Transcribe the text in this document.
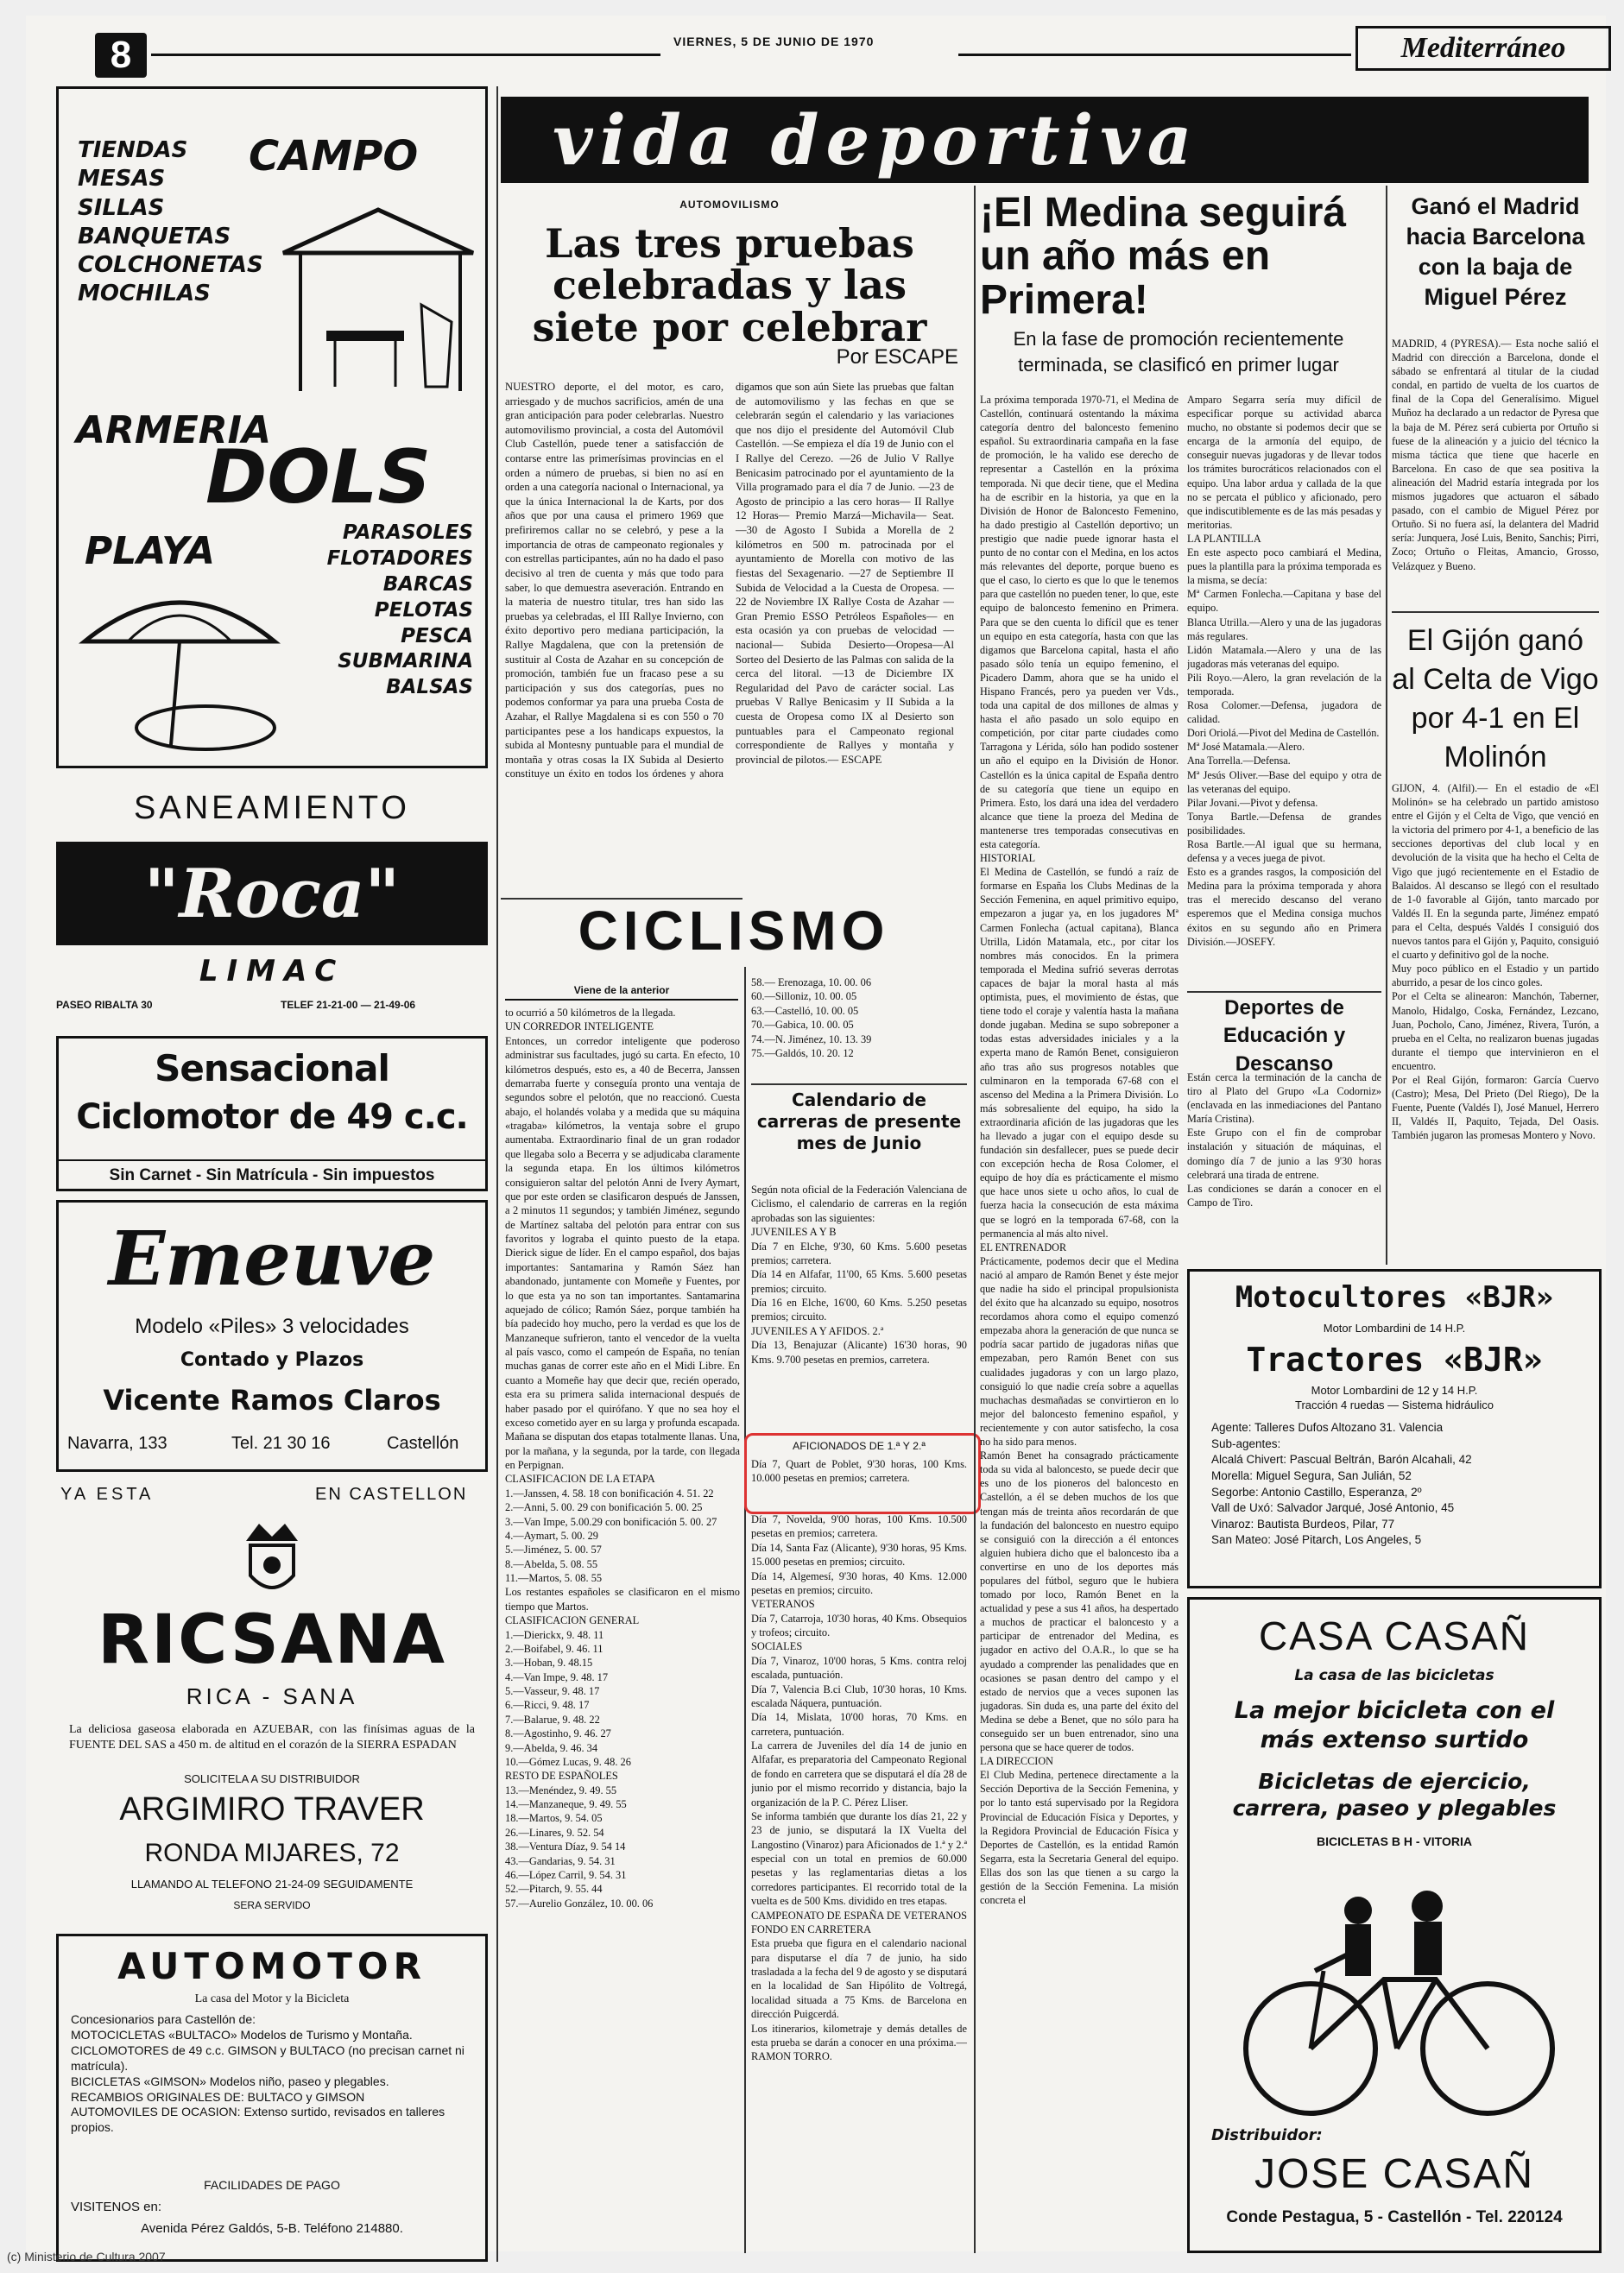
8	VIERNES, 5 DE JUNIO DE 1970	Mediterráneo
TIENDAS
MESAS
SILLAS
BANQUETAS
COLCHONETAS
MOCHILAS
CAMPO
ARMERIA
DOLS
PLAYA	PARASOLES
FLOTADORES
BARCAS
PELOTAS
PESCA SUBMARINA
BALSAS
SANEAMIENTO
"Roca"
LIMAC
PASEO RIBALTA 30	TELEF 21-21-00 — 21-49-06
Sensacional
Ciclomotor de 49 c.c.
Sin Carnet - Sin Matrícula - Sin impuestos
Emeuve
Modelo «Piles» 3 velocidades
Contado y Plazos
Vicente Ramos Claros
Navarra, 133	Tel. 21 30 16	Castellón
YA ESTA	EN CASTELLON
RICSANA
RICA - SANA
La deliciosa gaseosa elaborada en AZUEBAR, con las finísimas aguas de la FUENTE DEL SAS a 450 m. de altitud en el corazón de la SIERRA ESPADAN
SOLICITELA A SU DISTRIBUIDOR
ARGIMIRO TRAVER
RONDA MIJARES, 72
LLAMANDO AL TELEFONO 21-24-09 SEGUIDAMENTE
SERA SERVIDO
AUTOMOTOR
La casa del Motor y la Bicicleta
Concesionarios para Castellón de:
MOTOCICLETAS «BULTACO» Modelos de Turismo y Montaña.
CICLOMOTORES de 49 c.c. GIMSON y BULTACO (no precisan carnet ni matrícula).
BICICLETAS «GIMSON» Modelos niño, paseo y plegables.
RECAMBIOS ORIGINALES DE: BULTACO y GIMSON
AUTOMOVILES DE OCASION: Extenso surtido, revisados en talleres propios.
FACILIDADES DE PAGO
VISITENOS en:
Avenida Pérez Galdós, 5-B. Teléfono 214880.
vida deportiva
AUTOMOVILISMO
Las tres pruebas celebradas y las siete por celebrar
Por ESCAPE
NUESTRO deporte, el del motor, es caro, arriesgado y de muchos sacrificios, amén de una gran anticipación para poder celebrarlas. Nuestro automovilismo provincial, a costa del Automóvil Club Castellón, puede tener a satisfacción de contarse entre las primerísimas provincias en el orden a número de pruebas, si bien no así en orden a una categoría nacional o Internacional, ya que la única Internacional la de Karts, por dos años que por una causa el primero 1969 que prefiriremos callar no se celebró, y pese a la importancia de otras de campeonato regionales y con estrellas participantes, aún no ha dado el paso decisivo al tren de cuenta y más que todo para saber, lo que demuestra aseveración. Entrando en la materia de nuestro titular, tres han sido las pruebas ya celebradas, el III Rallye Invierno, con éxito deportivo pero mediana participación, la Rallye Magdalena, que con la pretensión de sustituir al Costa de Azahar en su concepción de promoción, también fue un fracaso pese a su participación y sus dos categorías, pues no podemos conformar ya para una prueba Costa de Azahar, el Rallye Magdalena si es con 550 o 70 participantes pese a los handicaps expuestos, la subida al Montesny puntuable para el mundial de montaña y otras cosas la IX Subida al Desierto constituye un éxito en todos los órdenes y ahora digamos que son aún Siete las pruebas que faltan de automovilismo y las fechas en que se celebrarán según el calendario y las variaciones que nos dijo el presidente del Automóvil Club Castellón. —Se empieza el día 19 de Junio con el I Rallye del Cerezo. —26 de Julio V Rallye Benicasim patrocinado por el ayuntamiento de la Villa programado para el día 7 de Junio. —23 de Agosto de principio a las cero horas— II Rallye 12 Horas— Premio Marzá—Michavila— Seat. —30 de Agosto I Subida a Morella de 2 kilómetros en 500 m. patrocinada por el ayuntamiento de Morella con motivo de las fiestas del Sexagenario. —27 de Septiembre II Subida de Velocidad a la Cuesta de Oropesa. —22 de Noviembre IX Rallye Costa de Azahar —Gran Premio ESSO Petróleos Españoles— en esta ocasión ya con pruebas de velocidad —nacional— Subida Desierto—Oropesa—Al Sorteo del Desierto de las Palmas con salida de la cerca del litoral. —13 de Diciembre IX Regularidad del Pavo de carácter social. Las pruebas V Rallye Benicasim y II Subida a la cuesta de Oropesa como IX al Desierto son puntuables para el Campeonato regional correspondiente de Rallyes y montaña y provincial de pilotos.— ESCAPE
CICLISMO
Viene de la anterior
to ocurrió a 50 kilómetros de la llegada.
UN CORREDOR INTELIGENTE
Entonces, un corredor inteligente que poderoso administrar sus facultades, jugó su carta. En efecto, 10 kilómetros después, esto es, a 40 de Becerra, Janssen demarraba fuerte y conseguía pronto una ventaja de segundos sobre el pelotón, que no reaccionó. Cuesta abajo, el holandés volaba y a medida que su máquina «tragaba» kilómetros, la ventaja sobre el grupo aumentaba. Extraordinario final de un gran rodador que llegaba solo a Becerra y se adjudicaba claramente la segunda etapa. En los últimos kilómetros consiguieron saltar del pelotón Anni de Ivery Aymart, que por este orden se clasificaron después de Janssen, a 2 minutos 11 segundos; y también Jiménez, segundo de Martínez saltaba del pelotón para entrar con sus favoritos y lograba el quinto puesto de la etapa. Dierick sigue de líder. En el campo español, dos bajas importantes: Santamarina y Ramón Sáez han abandonado, juntamente con Momeñe y Fuentes, por lo que esta ya no son tan importantes. Santamarina aquejado de cólico; Ramón Sáez, porque también ha bía padecido hoy mucho, pero la verdad es que los de Manzaneque sufrieron, tanto el vencedor de la vuelta al país vasco, como el campeón de España, no tenían muchas ganas de correr este año en el Midi Libre. En cuanto a Momeñe hay que decir que, recién operado, esta era su primera salida internacional después de haber pasado por el quirófano. Y que no sea hoy el exceso cometido ayer en su larga y profunda escapada. Mañana se disputan dos etapas totalmente llanas. Una, por la mañana, y la segunda, por la tarde, con llegada en Perpignan.
CLASIFICACION DE LA ETAPA
1.—Janssen, 4. 58. 18 con bonificación 4. 51. 22
2.—Anni, 5. 00. 29 con bonificación 5. 00. 25
3.—Van Impe, 5.00.29 con bonificación 5. 00. 27
4.—Aymart, 5. 00. 29
5.—Jiménez, 5. 00. 57
8.—Abelda, 5. 08. 55
11.—Martos, 5. 08. 55
Los restantes españoles se clasificaron en el mismo tiempo que Martos.
CLASIFICACION GENERAL
1.—Dierickx, 9. 48. 11
2.—Boifabel, 9. 46. 11
3.—Hoban, 9. 48.15
4.—Van Impe, 9. 48. 17
5.—Vasseur, 9. 48. 17
6.—Ricci, 9. 48. 17
7.—Balarue, 9. 48. 22
8.—Agostinho, 9. 46. 27
9.—Abelda, 9. 46. 34
10.—Gómez Lucas, 9. 48. 26
RESTO DE ESPAÑOLES
13.—Menéndez, 9. 49. 55
14.—Manzaneque, 9. 49. 55
18.—Martos, 9. 54. 05
26.—Linares, 9. 52. 54
38.—Ventura Díaz, 9. 54 14
43.—Gandarias, 9. 54. 31
46.—López Carril, 9. 54. 31
52.—Pitarch, 9. 55. 44
57.—Aurelio González, 10. 00. 06
58.— Erenozaga, 10. 00. 06
60.—Silloniz, 10. 00. 05
63.—Castelló, 10. 00. 05
70.—Gabica, 10. 00. 05
74.—N. Jiménez, 10. 13. 39
75.—Galdós, 10. 20. 12
Calendario de carreras de presente mes de Junio
Según nota oficial de la Federación Valenciana de Ciclismo, el calendario de carreras en la región aprobadas son las siguientes:
JUVENILES A Y B
Día 7 en Elche, 9'30, 60 Kms. 5.600 pesetas premios; carretera.
Día 14 en Alfafar, 11'00, 65 Kms. 5.600 pesetas premios; circuito.
Día 16 en Elche, 16'00, 60 Kms. 5.250 pesetas premios; circuito.
JUVENILES A Y AFIDOS. 2.ª
Día 13, Benajuzar (Alicante) 16'30 horas, 90 Kms. 9.700 pesetas en premios, carretera.
AFICIONADOS DE 1.ª Y 2.ª
Día 7, Quart de Poblet, 9'30 horas, 100 Kms. 10.000 pesetas en premios; carretera.
Día 7, Novelda, 9'00 horas, 100 Kms. 10.500 pesetas en premios; carretera.
Día 14, Santa Faz (Alicante), 9'30 horas, 95 Kms. 15.000 pesetas en premios; circuito.
Día 14, Algemesí, 9'30 horas, 40 Kms. 12.000 pesetas en premios; circuito.
VETERANOS
Día 7, Catarroja, 10'30 horas, 40 Kms. Obsequios y trofeos; circuito.
SOCIALES
Día 7, Vinaroz, 10'00 horas, 5 Kms. contra reloj escalada, puntuación.
Día 7, Valencia B.ci Club, 10'30 horas, 10 Kms. escalada Náquera, puntuación.
Día 14, Mislata, 10'00 horas, 70 Kms. en carretera, puntuación.
La carrera de Juveniles del día 14 de junio en Alfafar, es preparatoria del Campeonato Regional de fondo en carretera que se disputará el día 28 de junio por el mismo recorrido y distancia, bajo la organización de la P. C. Pérez Lliser.
Se informa también que durante los días 21, 22 y 23 de junio, se disputará la IX Vuelta del Langostino (Vinaroz) para Aficionados de 1.ª y 2.ª especial con un total en premios de 60.000 pesetas y las reglamentarias dietas a los corredores participantes. El recorrido total de la vuelta es de 500 Kms. dividido en tres etapas.
CAMPEONATO DE ESPAÑA DE VETERANOS FONDO EN CARRETERA
Esta prueba que figura en el calendario nacional para disputarse el día 7 de junio, ha sido trasladada a la fecha del 9 de agosto y se disputará en la localidad de San Hipólito de Voltregá, localidad situada a 75 Kms. de Barcelona en dirección Puigcerdá.
Los itinerarios, kilometraje y demás detalles de esta prueba se darán a conocer en una próxima.—RAMON TORRO.
¡El Medina seguirá un año más en Primera!
En la fase de promoción recientemente terminada, se clasificó en primer lugar
La próxima temporada 1970-71, el Medina de Castellón, continuará ostentando la máxima categoría dentro del baloncesto femenino español. Su extraordinaria campaña en la fase de promoción, le ha valido ese derecho de representar a Castellón en la próxima temporada. Ni que decir tiene, que el Medina ha de escribir en la historia, ya que en la División de Honor de Baloncesto Femenino, ha dado prestigio al Castellón deportivo; un prestigio que nadie puede ignorar hasta el punto de no contar con el Medina, en los actos más relevantes del deporte, porque bueno es que el caso, lo cierto es que lo que le tenemos para que castellón no pueden tener, lo que, este equipo de baloncesto femenino en Primera. Para que se den cuenta lo difícil que es tener un equipo en esta categoría, hasta con que las digamos que Barcelona capital, hasta el año pasado sólo tenía un equipo femenino, el Picadero Damm, ahora que se ha unido el Hispano Francés, pero ya pueden ver Vds., toda una capital de dos millones de almas y hasta el año pasado un solo equipo en competición, por citar parte ciudades como Tarragona y Lérida, sólo han podido sostener un año el equipo en la División de Honor. Castellón es la única capital de España dentro de su categoría que tiene un equipo en Primera. Esto, los dará una idea del verdadero alcance que tiene la proeza del Medina de mantenerse tres temporadas consecutivas en esta categoría.
HISTORIAL
El Medina de Castellón, se fundó a raíz de formarse en España los Clubs Medinas de la Sección Femenina, en aquel primitivo equipo, empezaron a jugar ya, en los jugadores Mª Carmen Fonlecha (actual capitana), Blanca Utrilla, Lidón Matamala, etc., por citar los nombres más conocidos. En la primera temporada el Medina sufrió severas derrotas capaces de bajar la moral hasta al más optimista, pues, el movimiento de éstas, que tiene todo el coraje y valentía hasta la mañana donde jugaban. Medina se supo sobreponer a todas estas adversidades iniciales y a la experta mano de Ramón Benet, consiguieron año tras año sus progresos notables que culminaron en la temporada 67-68 con el ascenso del Medina a la Primera División. Lo más sobresaliente del equipo, ha sido la extraordinaria afición de las jugadoras que les ha llevado a jugar con el equipo desde su fundación sin desfallecer, pues se puede decir con excepción hecha de Rosa Colomer, el equipo de hoy día es prácticamente el mismo que hace unos siete u ocho años, lo cual de fuerza hacia la consecución de esta máxima que se logró en la temporada 67-68, con la permanencia al más alto nivel.
EL ENTRENADOR
Prácticamente, podemos decir que el Medina nació al amparo de Ramón Benet y éste mejor que nadie ha sido el principal propulsionista del éxito que ha alcanzado su equipo, nosotros recordamos ahora como el equipo comenzó empezaba ahora la generación de que nunca se podría sacar partido de jugadoras niñas que empezaban, pero Ramón Benet con sus cualidades jugadoras y con un largo plazo, consiguió lo que nadie creía sobre a aquellas muchachas desmañadas se convirtieron en lo mejor del baloncesto femenino español, y recientemente y con autor satisfecho, la cosa no ha sido para menos.
Ramón Benet ha consagrado prácticamente toda su vida al baloncesto, se puede decir que es uno de los pioneros del baloncesto en Castellón, a él se deben muchos de los que tengan más de treinta años recordarán de que la fundación del baloncesto en nuestro equipo se consiguió con la dirección a él entonces alguien hubiera dicho que el baloncesto iba a convertirse en uno de los deportes más populares del fútbol, seguro que le hubiera tomado por loco, Ramón Benet en la actualidad y pese a sus 41 años, ha despertado a muchos de practicar el baloncesto y a participar de entrenador del Medina, es jugador en activo del O.A.R., lo que se ha ayudado a comprender las penalidades que en ocasiones se pasan dentro del campo y el estado de nervios que a veces suponen las jugadoras. Sin duda es, una parte del éxito del Medina se debe a Benet, que no sólo para ha conseguido ser un buen entrenador, sino una persona que se hace querer de todos.
LA DIRECCION
El Club Medina, pertenece directamente a la Sección Deportiva de la Sección Femenina, y por lo tanto está supervisado por la Regidora Provincial de Educación Física y Deportes, y la Regidora Provincial de Educación Física y Deportes de Castellón, es la entidad Ramón Segarra, esta la Secretaria General del equipo. Ellas dos son las que tienen a su cargo la gestión de la Sección Femenina. La misión concreta el
Amparo Segarra sería muy difícil de especificar porque su actividad abarca mucho, no obstante si podemos decir que se encarga de la armonía del equipo, de conseguir nuevas jugadoras y de llevar todos los trámites burocráticos relacionados con el equipo. Una labor ardua y callada de la que no se percata el público y aficionado, pero que indiscutiblemente es de las más pesadas y meritorias.
LA PLANTILLA
En este aspecto poco cambiará el Medina, pues la plantilla para la próxima temporada es la misma, se decía:
Mª Carmen Fonlecha.—Capitana y base del equipo.
Blanca Utrilla.—Alero y una de las jugadoras más regulares.
Lidón Matamala.—Alero y una de las jugadoras más veteranas del equipo.
Pili Royo.—Alero, la gran revelación de la temporada.
Rosa Colomer.—Defensa, jugadora de calidad.
Dori Oriolá.—Pivot del Medina de Castellón.
Mª José Matamala.—Alero.
Ana Torrella.—Defensa.
Mª Jesús Oliver.—Base del equipo y otra de las veteranas del equipo.
Pilar Jovani.—Pivot y defensa.
Tonya Bartle.—Defensa de grandes posibilidades.
Rosa Bartle.—Al igual que su hermana, defensa y a veces juega de pivot.
Esto es a grandes rasgos, la composición del Medina para la próxima temporada y ahora tras el merecido descanso del verano esperemos que el Medina consiga muchos éxitos en su segundo año en Primera División.—JOSEFY.
Deportes de Educación y Descanso
Están cerca la terminación de la cancha de tiro al Plato del Grupo «La Codorniz» (enclavada en las inmediaciones del Pantano María Cristina).
Este Grupo con el fin de comprobar instalación y situación de máquinas, el domingo día 7 de junio a las 9'30 horas celebrará una tirada de entrene.
Las condiciones se darán a conocer en el Campo de Tiro.
Ganó el Madrid hacia Barcelona con la baja de Miguel Pérez
MADRID, 4 (PYRESA).— Esta noche salió el Madrid con dirección a Barcelona, donde el sábado se enfrentará al titular de la ciudad condal, en partido de vuelta de los cuartos de final de la Copa del Generalísimo. Miguel Muñoz ha declarado a un redactor de Pyresa que la baja de M. Pérez será cubierta por Ortuño si fuese de la alineación y a juicio del técnico la misma táctica que tiene que hacerle en Barcelona. En caso de que sea positiva la alineación del Madrid estaría integrada por los mismos jugadores que actuaron el sábado pasado, con el cambio de Miguel Pérez por Ortuño. Si no fuera así, la delantera del Madrid sería: Junquera, José Luis, Benito, Sanchis; Pirri, Zoco; Ortuño o Fleitas, Amancio, Grosso, Velázquez y Bueno.
El Gijón ganó al Celta de Vigo por 4-1 en El Molinón
GIJON, 4. (Alfil).— En el estadio de «El Molinón» se ha celebrado un partido amistoso entre el Gijón y el Celta de Vigo, que venció en la victoria del primero por 4-1, a beneficio de las secciones deportivas del club local y en devolución de la visita que ha hecho el Celta de Vigo que jugó recientemente en el Estadio de Balaidos. Al descanso se llegó con el resultado de 1-0 favorable al Gijón, tanto marcado por Valdés II. En la segunda parte, Jiménez empató para el Celta, después Valdés I consiguió dos nuevos tantos para el Gijón y, Paquito, consiguió el cuarto y definitivo gol de la noche.
Muy poco público en el Estadio y un partido aburrido, a pesar de los cinco goles.
Por el Celta se alinearon: Manchón, Taberner, Manolo, Hidalgo, Coska, Fernández, Lezcano, Juan, Pocholo, Cano, Jiménez, Rivera, Turón, a prueba en el Celta, no realizaron buenas jugadas durante el tiempo que intervinieron en el encuentro.
Por el Real Gijón, formaron: García Cuervo (Castro); Mesa, Del Prieto (Del Riego), De la Fuente, Puente (Valdés I), José Manuel, Herrero II, Valdés II, Paquito, Tejada, Del Oasis. También jugaron las promesas Montero y Novo.
Motocultores «BJR»
Motor Lombardini de 14 H.P.
Tractores «BJR»
Motor Lombardini de 12 y 14 H.P.
Tracción 4 ruedas — Sistema hidráulico
Agente: Talleres Dufos Altozano 31. Valencia
Sub-agentes:
Alcalá Chivert: Pascual Beltrán, Barón Alcahali, 42
Morella: Miguel Segura, San Julián, 52
Segorbe: Antonio Castillo, Esperanza, 2º
Vall de Uxó: Salvador Jarqué, José Antonio, 45
Vinaroz: Bautista Burdeos, Pilar, 77
San Mateo: José Pitarch, Los Angeles, 5
CASA CASAÑ
La casa de las bicicletas
La mejor bicicleta con el más extenso surtido
Bicicletas de ejercicio, carrera, paseo y plegables
BICICLETAS B H - VITORIA
Distribuidor:
JOSE CASAÑ
Conde Pestagua, 5 - Castellón - Tel. 220124
(c) Ministerio de Cultura 2007
